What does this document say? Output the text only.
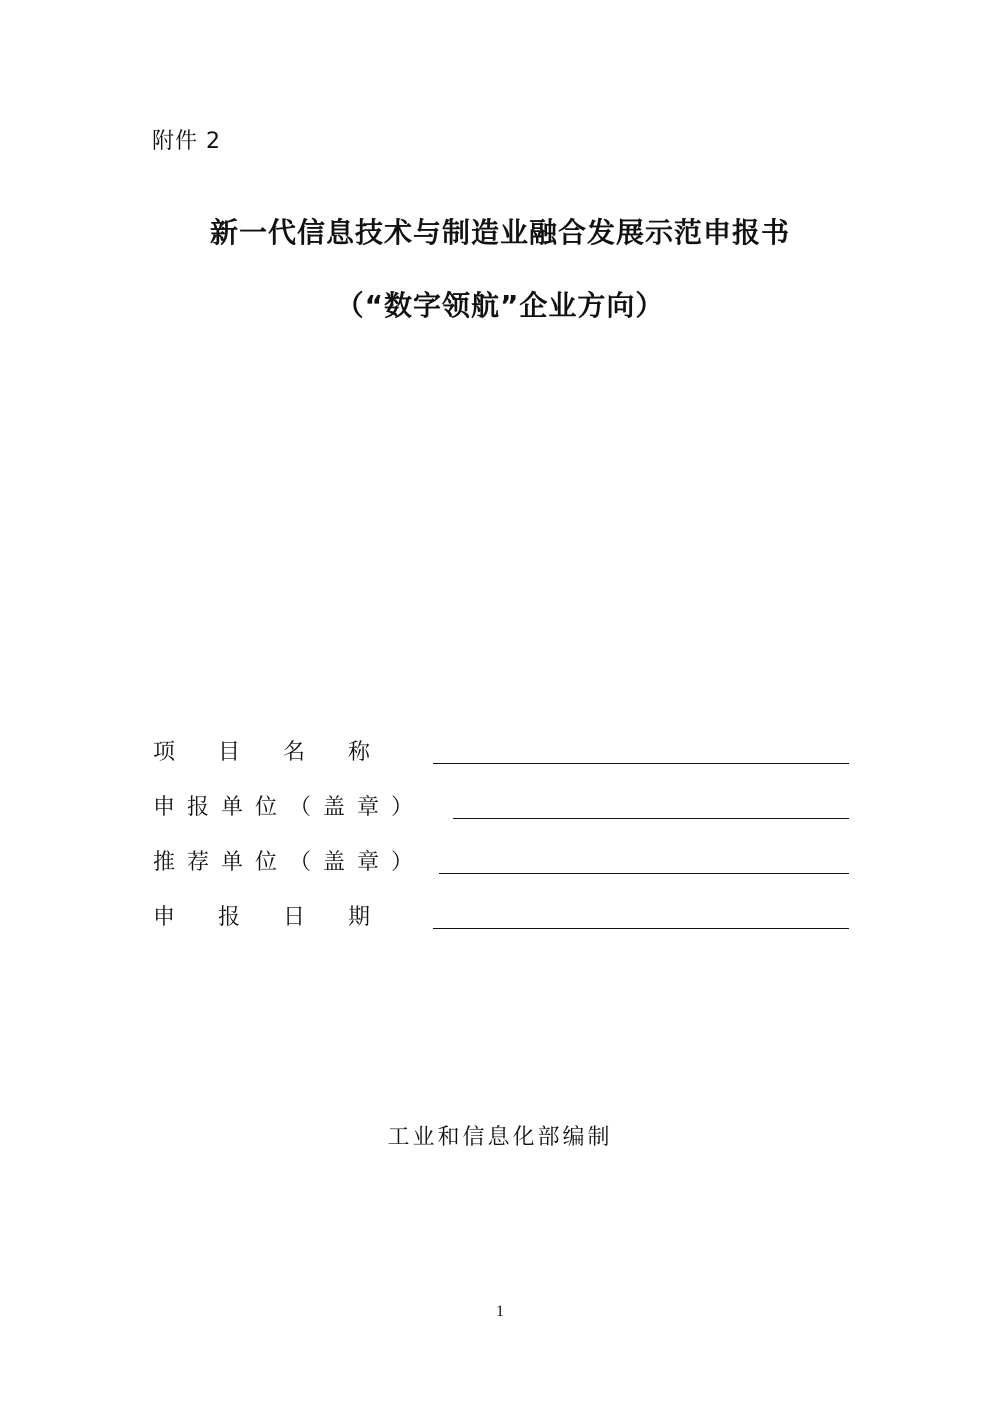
附件 2
新一代信息技术与制造业融合发展示范申报书
（“数字领航”企业方向）
项目名称
申报单位（盖章）
推荐单位（盖章）
申报日期
工业和信息化部编制
1
